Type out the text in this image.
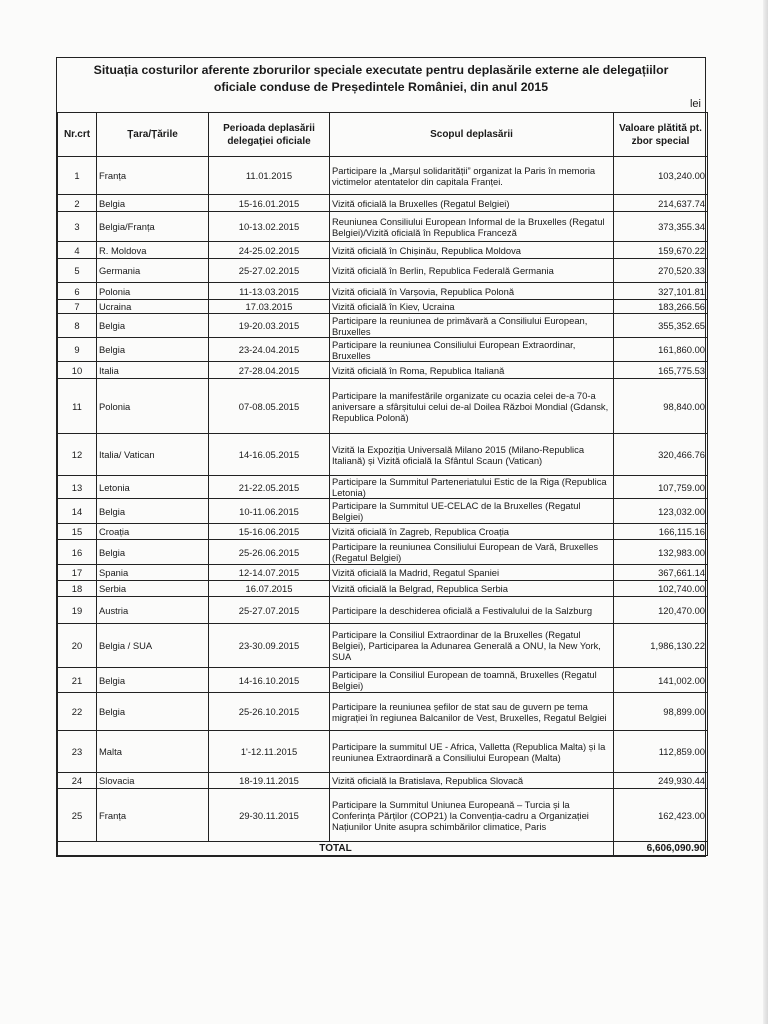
Situația costurilor aferente zborurilor speciale executate pentru deplasările externe ale delegațiilor
oficiale conduse de Președintele României, din anul 2015
lei
Nr.crt	Țara/Țările	Perioada deplasării delegației oficiale	Scopul deplasării	Valoare plătită pt. zbor special
1	Franța	11.01.2015	Participare la „Marșul solidarității” organizat la Paris în memoria victimelor atentatelor din capitala Franței.	103,240.00
2	Belgia	15-16.01.2015	Vizită oficială la Bruxelles (Regatul Belgiei)	214,637.74
3	Belgia/Franța	10-13.02.2015	Reuniunea Consiliului European Informal de la Bruxelles (Regatul Belgiei)/Vizită oficială în Republica Franceză	373,355.34
4	R. Moldova	24-25.02.2015	Vizită oficială în Chișinău, Republica Moldova	159,670.22
5	Germania	25-27.02.2015	Vizită oficială în Berlin, Republica Federală Germania	270,520.33
6	Polonia	11-13.03.2015	Vizită oficială în Varșovia, Republica Polonă	327,101.81
7	Ucraina	17.03.2015	Vizită oficială în Kiev, Ucraina	183,266.56
8	Belgia	19-20.03.2015	Participare la reuniunea de primăvară a Consiliului European, Bruxelles	355,352.65
9	Belgia	23-24.04.2015	Participare la reuniunea Consiliului European Extraordinar, Bruxelles	161,860.00
10	Italia	27-28.04.2015	Vizită oficială în Roma, Republica Italiană	165,775.53
11	Polonia	07-08.05.2015	Participare la manifestările organizate cu ocazia celei de-a 70-a aniversare a sfârșitului celui de-al Doilea Război Mondial (Gdansk, Republica Polonă)	98,840.00
12	Italia/ Vatican	14-16.05.2015	Vizită la Expoziția Universală Milano 2015 (Milano-Republica Italiană) și Vizită oficială la Sfântul Scaun (Vatican)	320,466.76
13	Letonia	21-22.05.2015	Participare la Summitul Parteneriatului Estic de la Riga (Republica Letonia)	107,759.00
14	Belgia	10-11.06.2015	Participare la Summitul UE-CELAC de la Bruxelles (Regatul Belgiei)	123,032.00
15	Croația	15-16.06.2015	Vizită oficială în Zagreb, Republica Croația	166,115.16
16	Belgia	25-26.06.2015	Participare la reuniunea Consiliului European de Vară, Bruxelles (Regatul Belgiei)	132,983.00
17	Spania	12-14.07.2015	Vizită oficială la Madrid, Regatul Spaniei	367,661.14
18	Serbia	16.07.2015	Vizită oficială la Belgrad, Republica Serbia	102,740.00
19	Austria	25-27.07.2015	Participare la deschiderea oficială a Festivalului de la Salzburg	120,470.00
20	Belgia / SUA	23-30.09.2015	Participare la Consiliul Extraordinar de la Bruxelles (Regatul Belgiei), Participarea la Adunarea Generală a ONU, la New York, SUA	1,986,130.22
21	Belgia	14-16.10.2015	Participare la Consiliul European de toamnă, Bruxelles (Regatul Belgiei)	141,002.00
22	Belgia	25-26.10.2015	Participare la reuniunea șefilor de stat sau de guvern pe tema migrației în regiunea Balcanilor de Vest, Bruxelles, Regatul Belgiei	98,899.00
23	Malta	1'-12.11.2015	Participare la summitul UE - Africa, Valletta (Republica Malta) și la reuniunea Extraordinară a Consiliului European (Malta)	112,859.00
24	Slovacia	18-19.11.2015	Vizită oficială la Bratislava, Republica Slovacă	249,930.44
25	Franța	29-30.11.2015	Participare la Summitul Uniunea Europeană – Turcia și la Conferința Părților (COP21) la Convenția-cadru a Organizației Națiunilor Unite asupra schimbărilor climatice, Paris	162,423.00
TOTAL				6,606,090.90
